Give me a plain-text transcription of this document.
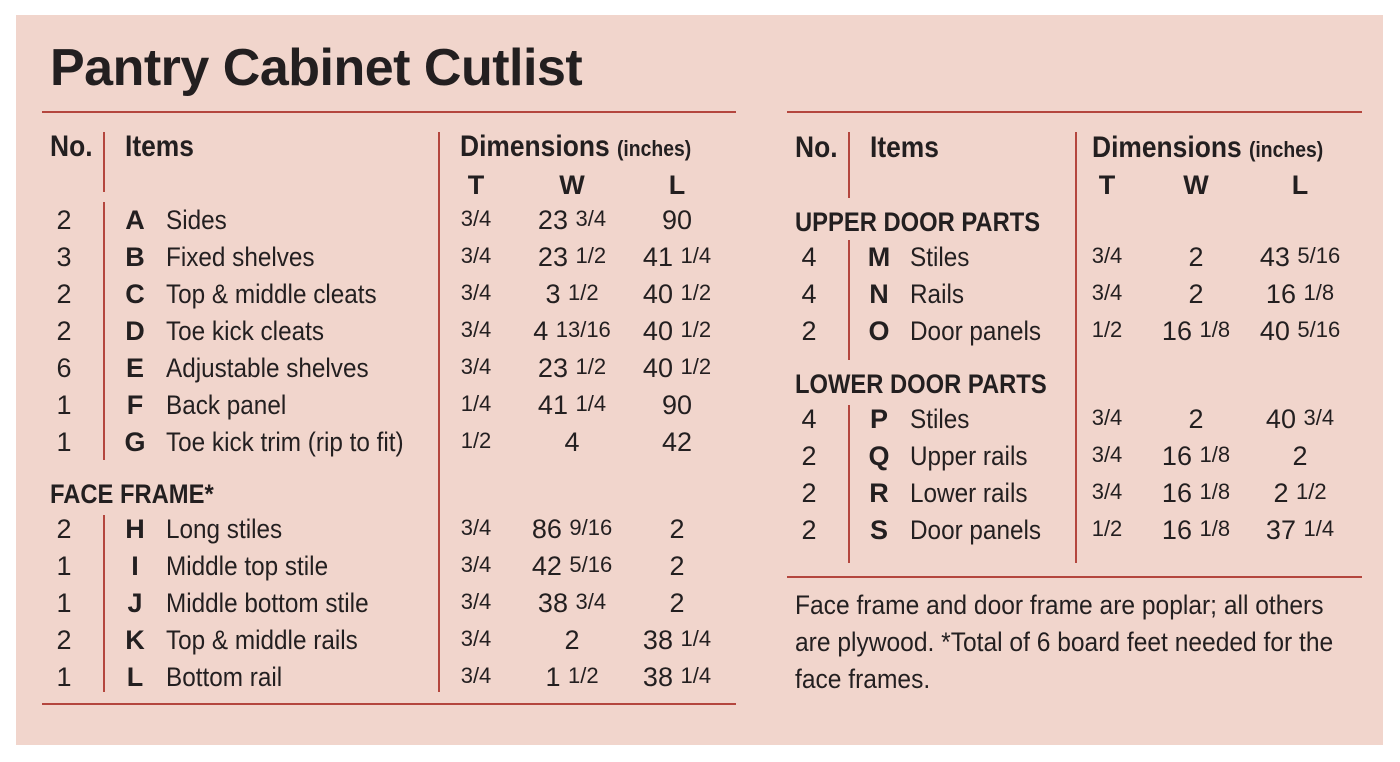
Pantry Cabinet Cutlist
No. Items	Dimensions (inches)
T	W	L
2	A Sides	3/4	23 3/4	90
3	B Fixed shelves	3/4	23 1/2	41 1/4
2	C Top & middle cleats	3/4	3 1/2	40 1/2
2	D Toe kick cleats	3/4	4 13/16	40 1/2
6	E Adjustable shelves	3/4	23 1/2	40 1/2
1	F Back panel	1/4	41 1/4	90
1	G Toe kick trim (rip to fit)	1/2	4	42
FACE FRAME*
2	H Long stiles	3/4	86 9/16	2
1	I	Middle top stile	3/4	42 5/16	2
1	J Middle bottom stile	3/4	38 3/4	2
2	K Top & middle rails	3/4	2	38 1/4
1	L Bottom rail	3/4	1 1/2	38 1/4
No. Items	Dimensions (inches)
T	W	L
UPPER DOOR PARTS
4	M Stiles	3/4	2	43 5/16
4	N Rails	3/4	2	16 1/8
2	O Door panels	1/2	16 1/8	40 5/16
LOWER DOOR PARTS
4	P Stiles	3/4	2	40 3/4
2	Q Upper rails	3/4	16 1/8	2
2	R Lower rails	3/4	16 1/8	2 1/2
2	S Door panels	1/2	16 1/8	37 1/4

Face frame and door frame are poplar; all others are plywood. *Total of 6 board feet needed for the face frames.
